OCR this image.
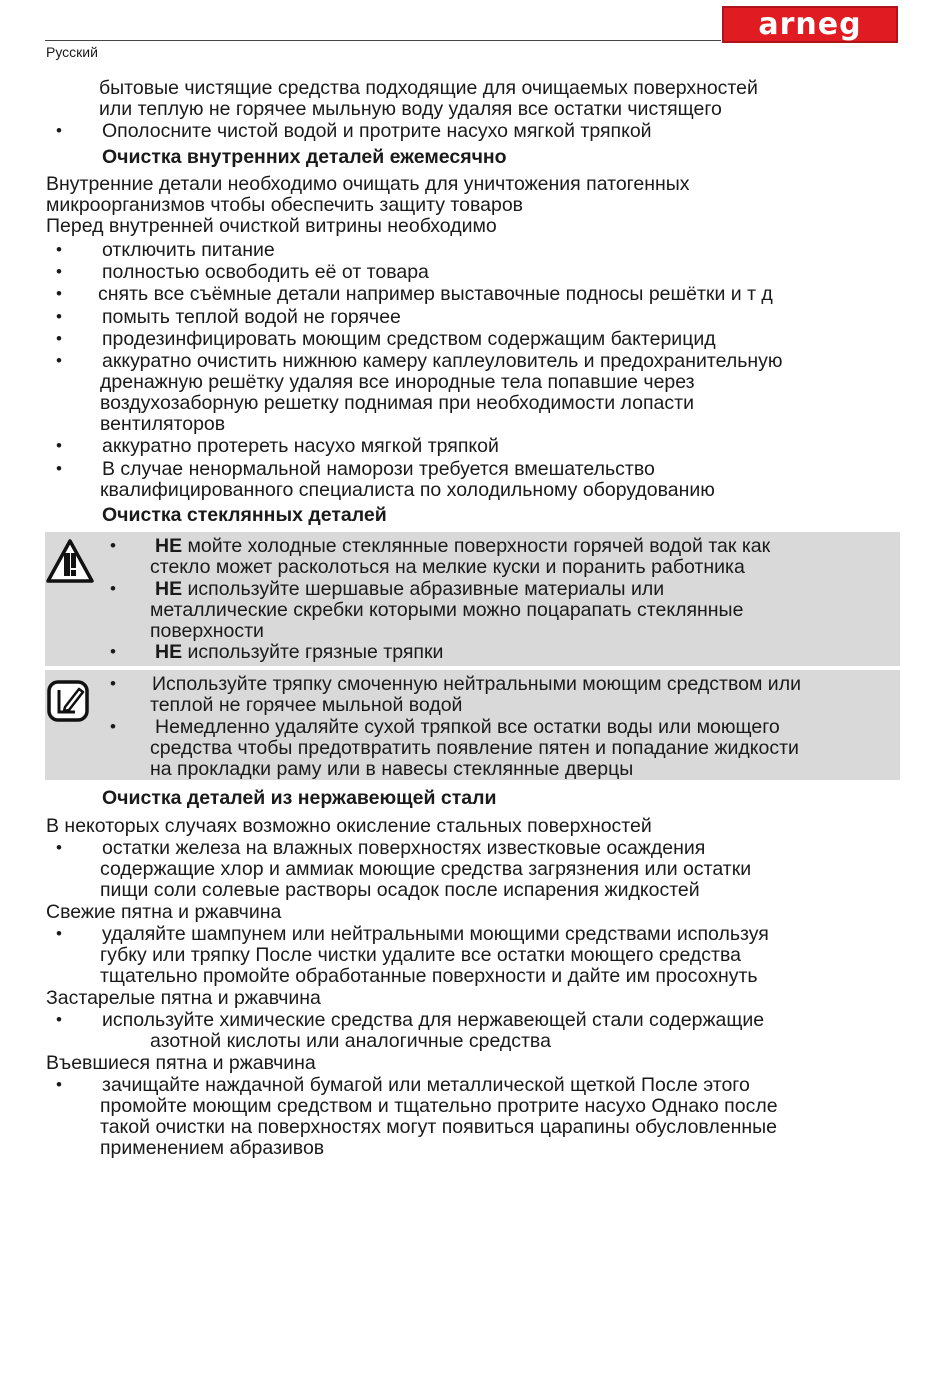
arneg
Русский
бытовые чистящие средства подходящие для очищаемых поверхностей
или теплую не горячее мыльную воду удаляя все остатки чистящего
• Ополосните чистой водой и протрите насухо мягкой тряпкой
Очистка внутренних деталей ежемесячно
Внутренние детали необходимо очищать для уничтожения патогенных
микроорганизмов чтобы обеспечить защиту товаров
Перед внутренней очисткой витрины необходимо
• отключить питание
• полностью освободить её от товара
• снять все съёмные детали например выставочные подносы решётки и т д
• помыть теплой водой не горячее
• продезинфицировать моющим средством содержащим бактерицид
• аккуратно очистить нижнюю камеру каплеуловитель и предохранительную
дренажную решётку удаляя все инородные тела попавшие через
воздухозаборную решетку поднимая при необходимости лопасти
вентиляторов
• аккуратно протереть насухо мягкой тряпкой
• В случае ненормальной наморози требуется вмешательство
квалифицированного специалиста по холодильному оборудованию
Очистка стеклянных деталей
• НЕ мойте холодные стеклянные поверхности горячей водой так как
стекло может расколоться на мелкие куски и поранить работника
• НЕ используйте шершавые абразивные материалы или
металлические скребки которыми можно поцарапать стеклянные
поверхности
• НЕ используйте грязные тряпки
• Используйте тряпку смоченную нейтральными моющим средством или
теплой не горячее мыльной водой
• Немедленно удаляйте сухой тряпкой все остатки воды или моющего
средства чтобы предотвратить появление пятен и попадание жидкости
на прокладки раму или в навесы стеклянные дверцы
Очистка деталей из нержавеющей стали
В некоторых случаях возможно окисление стальных поверхностей
• остатки железа на влажных поверхностях известковые осаждения
содержащие хлор и аммиак моющие средства загрязнения или остатки
пищи соли солевые растворы осадок после испарения жидкостей
Свежие пятна и ржавчина
• удаляйте шампунем или нейтральными моющими средствами используя
губку или тряпку После чистки удалите все остатки моющего средства
тщательно промойте обработанные поверхности и дайте им просохнуть
Застарелые пятна и ржавчина
• используйте химические средства для нержавеющей стали содержащие
азотной кислоты или аналогичные средства
Въевшиеся пятна и ржавчина
• зачищайте наждачной бумагой или металлической щеткой После этого
промойте моющим средством и тщательно протрите насухо Однако после
такой очистки на поверхностях могут появиться царапины обусловленные
применением абразивов
